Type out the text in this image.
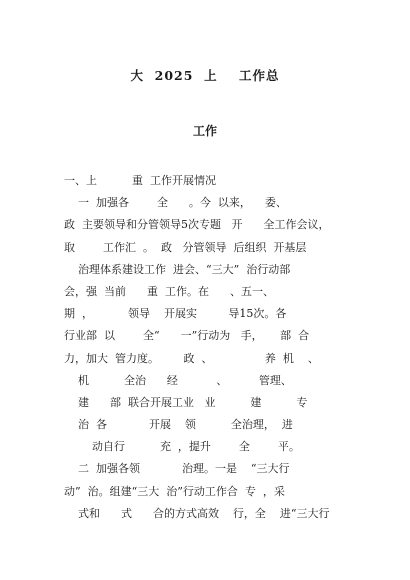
大  2025  上    工作总
工作
一、上          重  工作开展情况
一  加强各        全      。今  以来，    委、
政  主要领导和分管领导5次专题   开      全工作会议，
取        工作汇  。  政   分管领导  后组织  开基层
治理体系建设工作  进会、“三大”  治行动部
会，强  当前      重  工作。在      、五一、
期  ，          领导    开展实         导15次。各
行业部  以        全“      一”行动为   手，     部  合
力，加大  管力度。       政  、               养  机    、
机          全治      经           、         管理、
建      部  联合开展工业   业          建          专
治  各            开展    领          全治理，  进
动自行          充  ，提升        全        平。
二  加强各领            治理。一是    “三大行
动”  治。组建“三大  治”行动工作合  专  ，采
式和      式      合的方式高效    行，全    进“三大行
